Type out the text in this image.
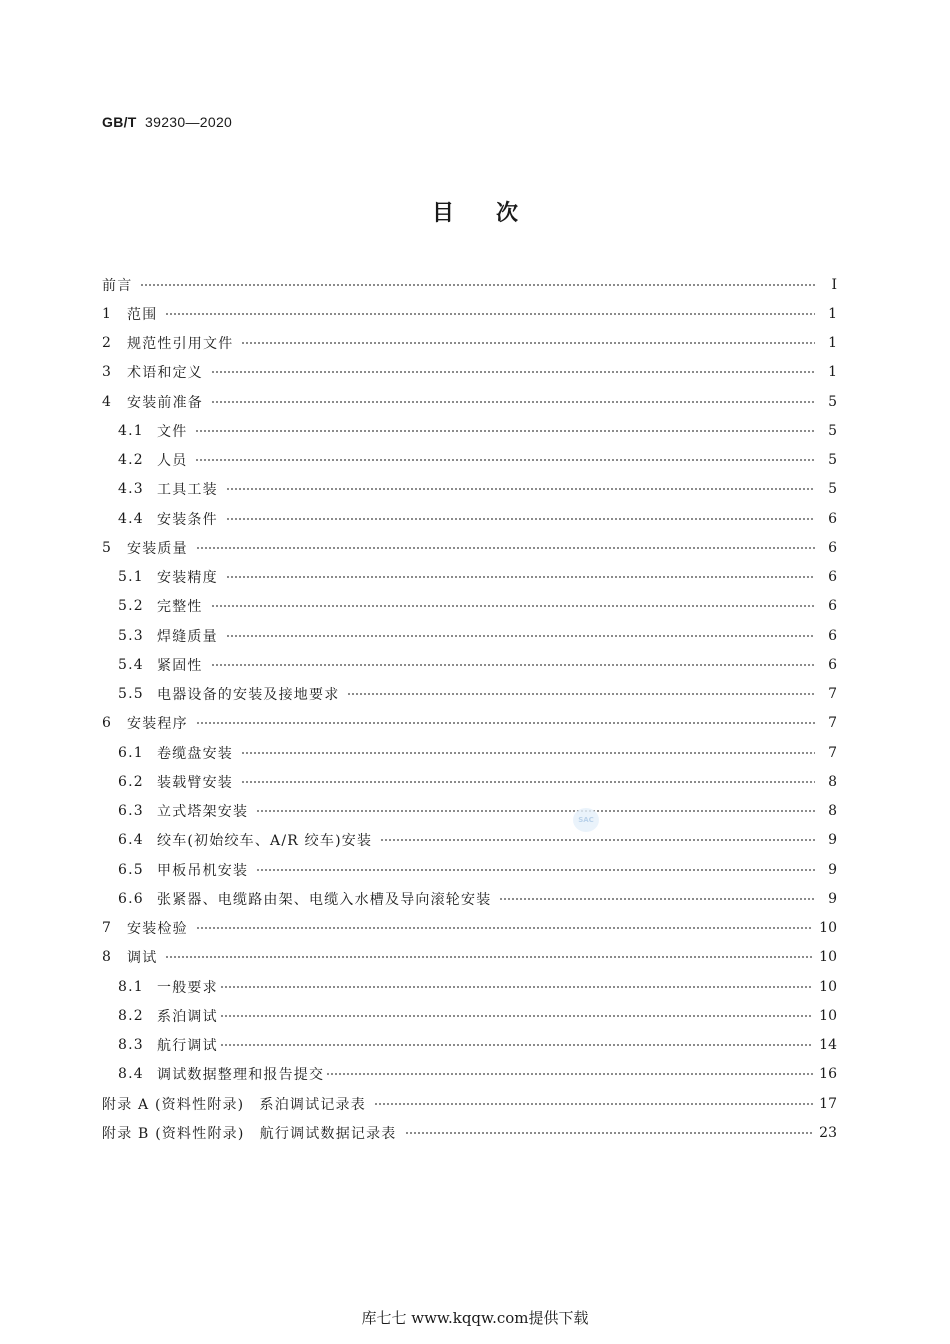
GB/T 39230—2020
目次
前言	Ⅰ
1	范围	1
2	规范性引用文件	1
3	术语和定义	1
4	安装前准备	5
4.1 文件	5
4.2 人员	5
4.3 工具工装	5
4.4 安装条件	6
5	安装质量	6
5.1 安装精度	6
5.2 完整性	6
5.3 焊缝质量	6
5.4 紧固性	6
5.5 电器设备的安装及接地要求	7
6	安装程序	7
6.1 卷缆盘安装	7
6.2 装载臂安装	8
6.3 立式塔架安装	8
6.4 绞车(初始绞车、A/R 绞车)安装	9
6.5 甲板吊机安装	9
6.6 张紧器、电缆路由架、电缆入水槽及导向滚轮安装	9
7	安装检验	10
8	调试	10
8.1 一般要求	10
8.2 系泊调试	10
8.3 航行调试	14
8.4 调试数据整理和报告提交	16
附录 A (资料性附录)　系泊调试记录表	17
附录 B (资料性附录)　航行调试数据记录表	23
SAC
库七七 www.kqqw.com提供下载
